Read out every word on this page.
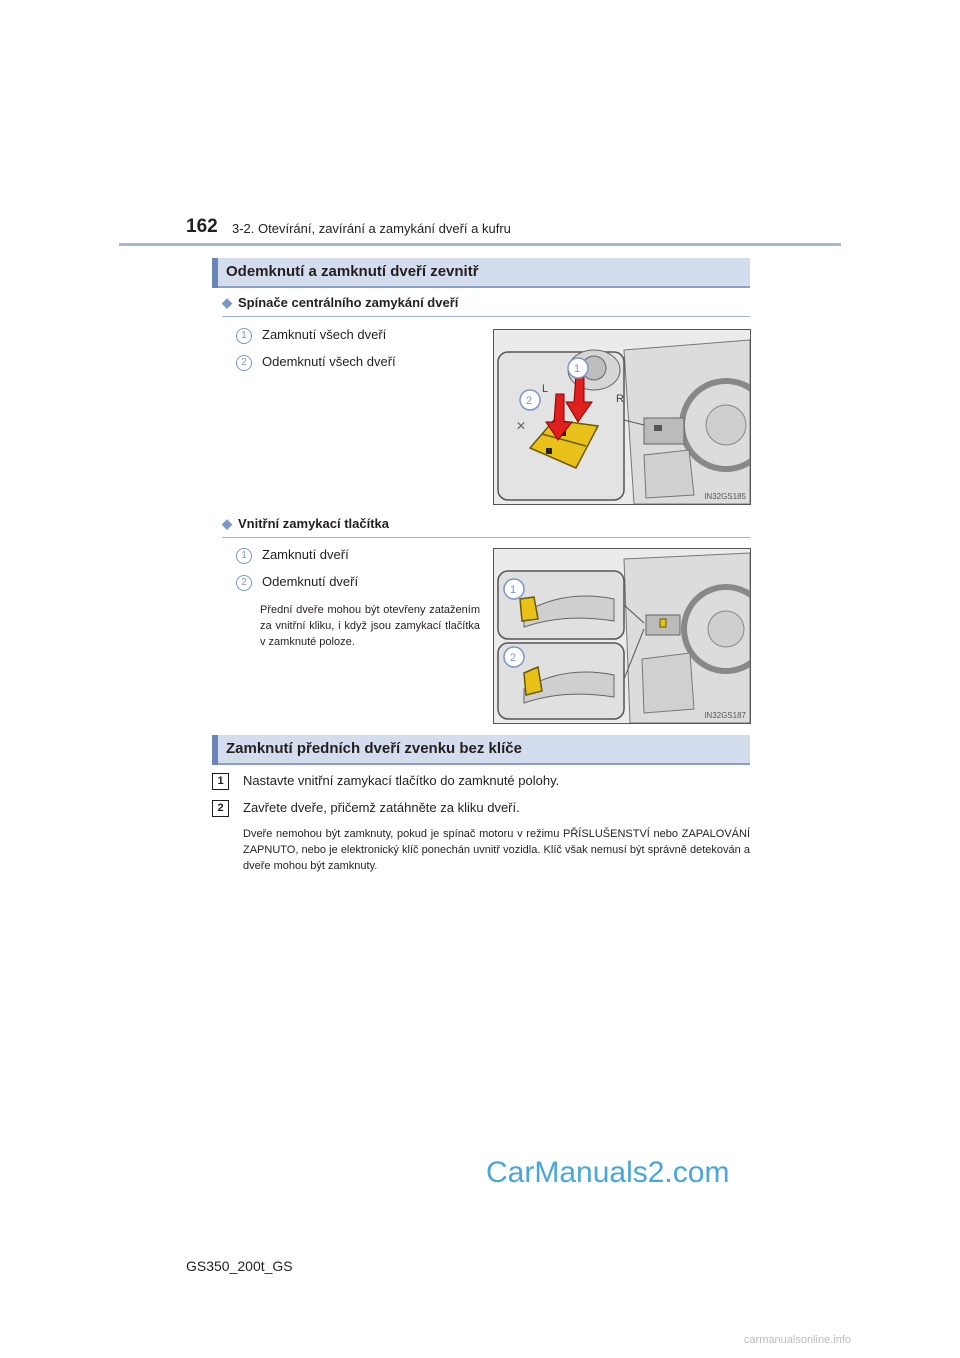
162 3-2. Otevírání, zavírání a zamykání dveří a kufru
Odemknutí a zamknutí dveří zevnitř
◆ Spínače centrálního zamykání dveří
1 Zamknutí všech dveří
2 Odemknutí všech dveří
L
R
✕
1
2
IN32GS185
◆ Vnitřní zamykací tlačítka
1 Zamknutí dveří
2 Odemknutí dveří
Přední dveře mohou být otevřeny zatažením za vnitřní kliku, i když jsou zamykací tlačítka v zamknuté poloze.
1
2
IN32GS187
Zamknutí předních dveří zvenku bez klíče
1 Nastavte vnitřní zamykací tlačítko do zamknuté polohy.
2 Zavřete dveře, přičemž zatáhněte za kliku dveří.
Dveře nemohou být zamknuty, pokud je spínač motoru v režimu PŘÍSLUŠENSTVÍ nebo ZAPALOVÁNÍ ZAPNUTO, nebo je elektronický klíč ponechán uvnitř vozidla. Klíč však nemusí být správně detekován a dveře mohou být zamknuty.
CarManuals2.com
GS350_200t_GS
carmanualsonline.info
